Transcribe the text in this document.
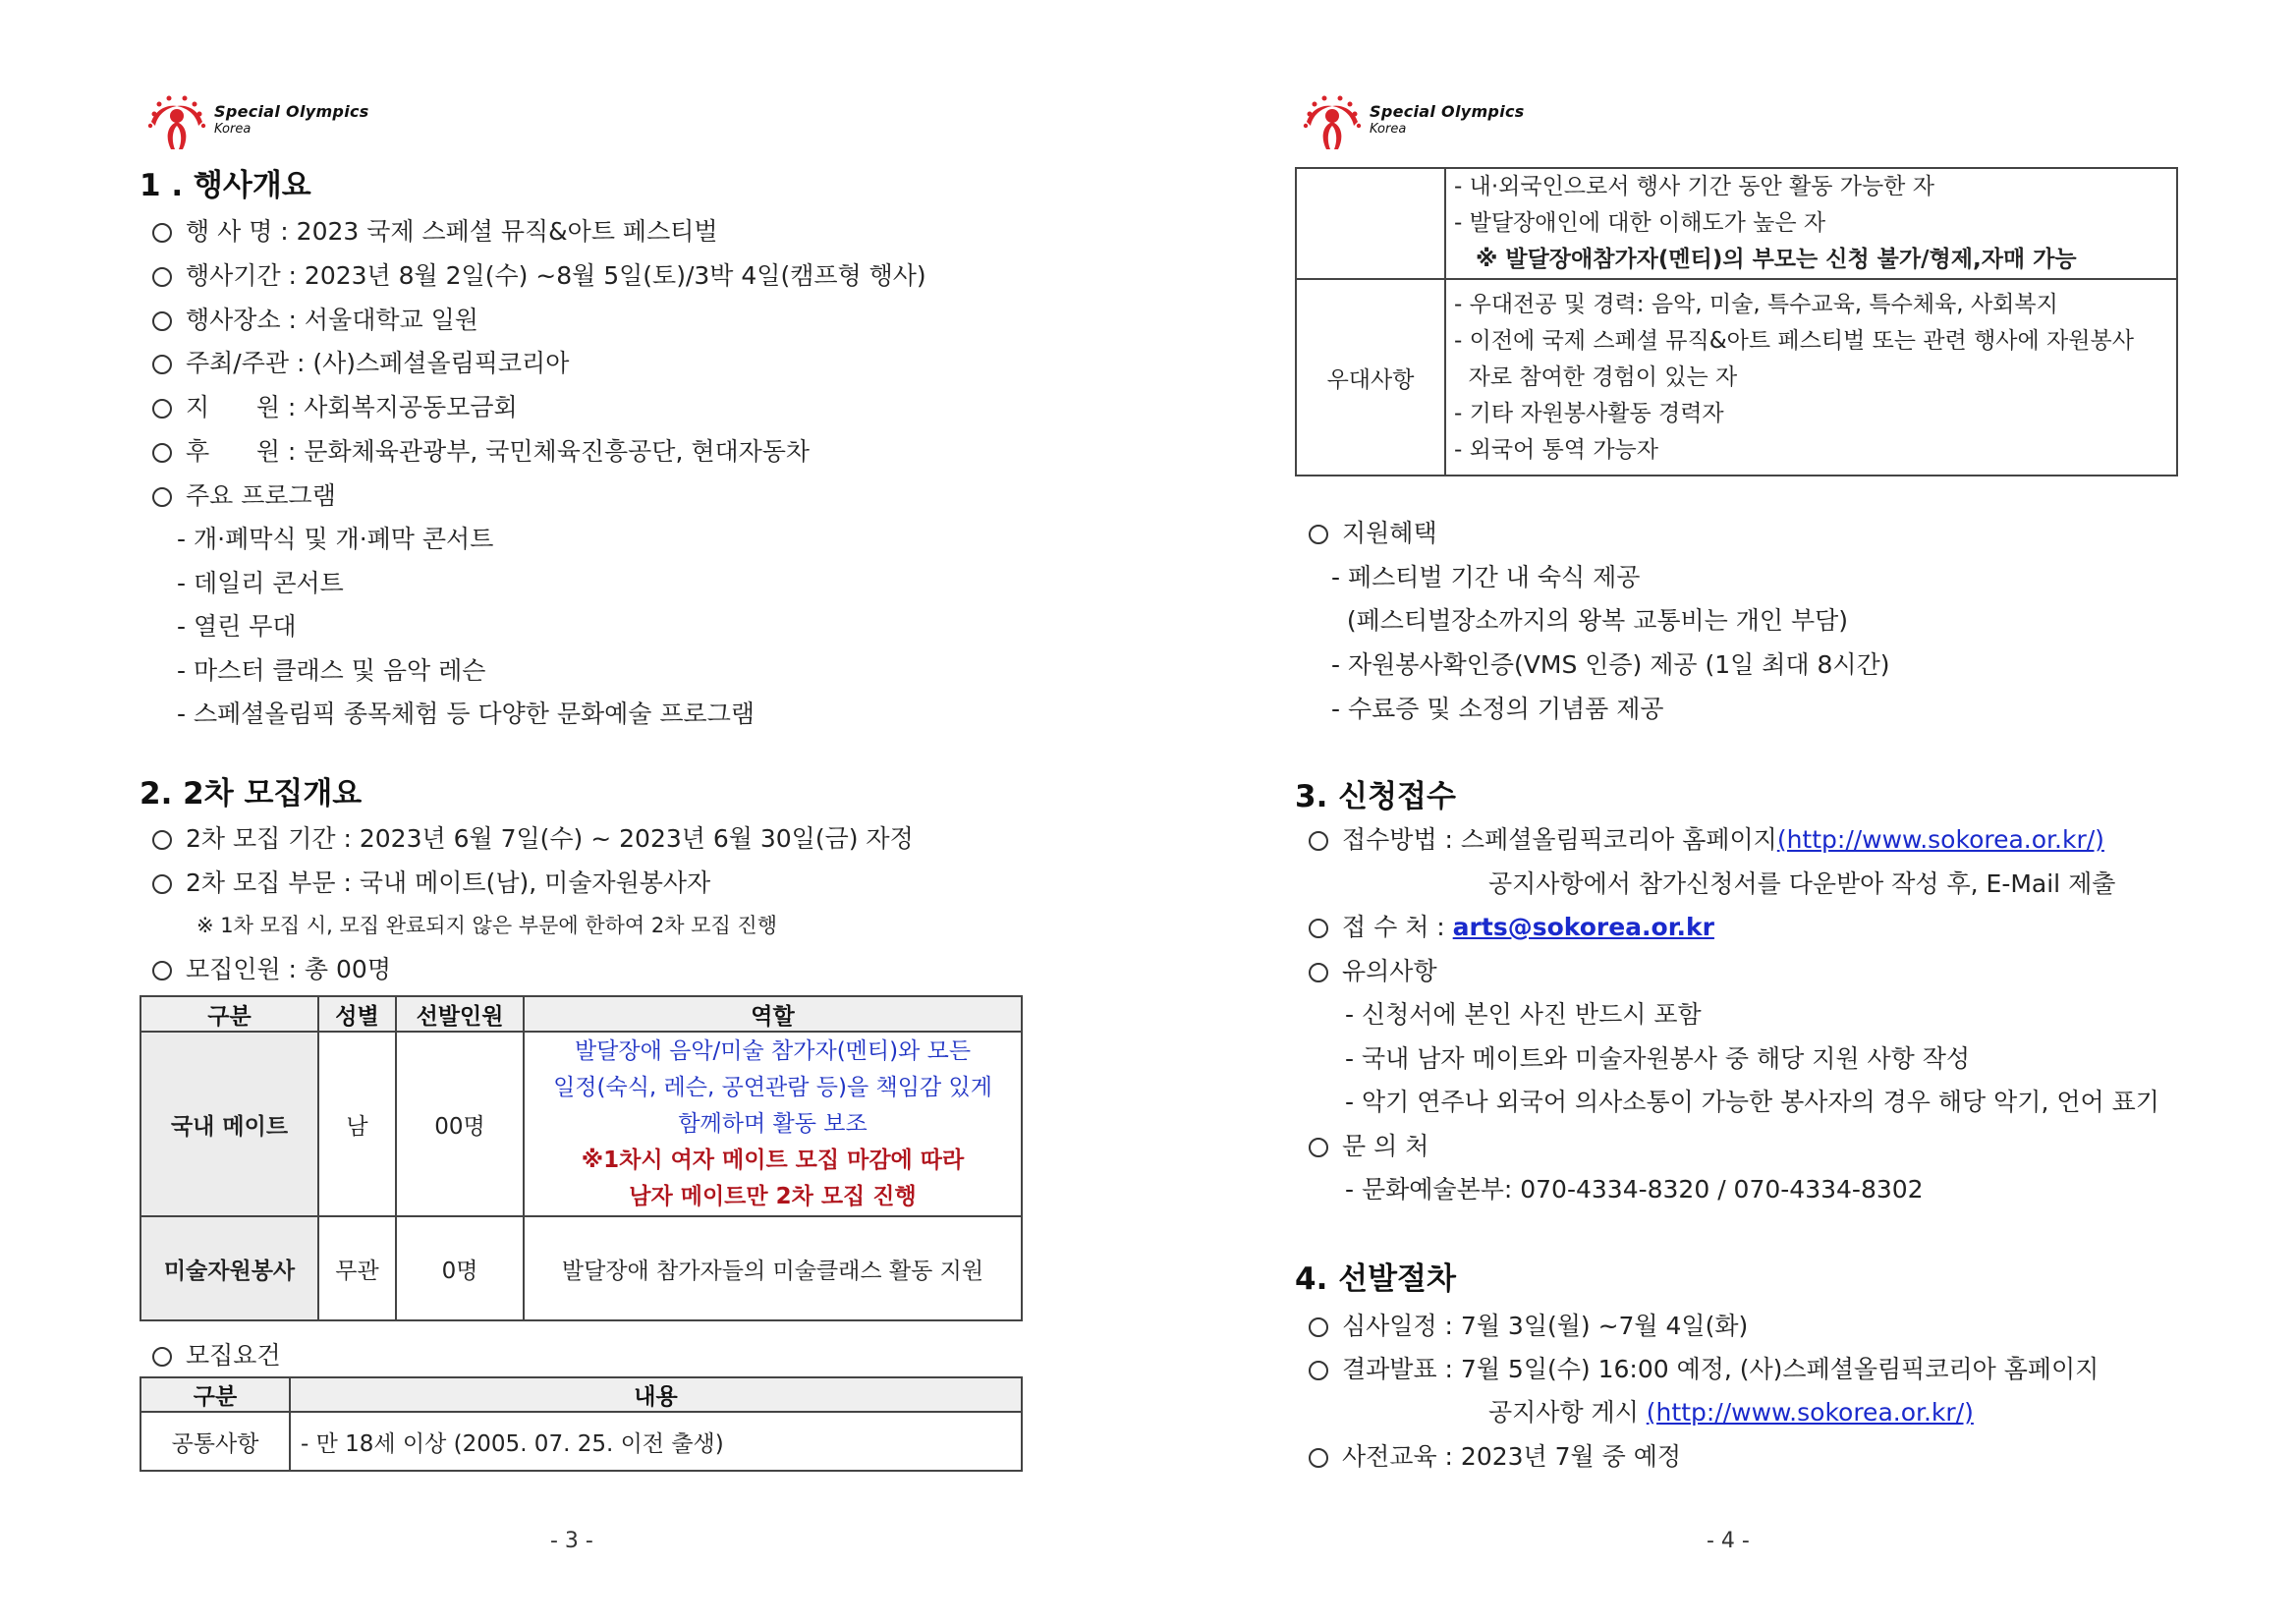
Special Olympics
Korea
1 . 행사개요
행 사 명 : 2023 국제 스페셜 뮤직&아트 페스티벌
행사기간 : 2023년 8월 2일(수) ~8월 5일(토)/3박 4일(캠프형 행사)
행사장소 : 서울대학교 일원
주최/주관 : (사)스페셜올림픽코리아
지      원 : 사회복지공동모금회
후      원 : 문화체육관광부, 국민체육진흥공단, 현대자동차
주요 프로그램
- 개·폐막식 및 개·폐막 콘서트
- 데일리 콘서트
- 열린 무대
- 마스터 클래스 및 음악 레슨
- 스페셜올림픽 종목체험 등 다양한 문화예술 프로그램
2. 2차 모집개요
2차 모집 기간 : 2023년 6월 7일(수) ~ 2023년 6월 30일(금) 자정
2차 모집 부문 : 국내 메이트(남), 미술자원봉사자
※ 1차 모집 시, 모집 완료되지 않은 부문에 한하여 2차 모집 진행
모집인원 : 총 00명
구분	성별	선발인원	역할
국내 메이트	남	00명	발달장애 음악/미술 참가자(멘티)와 모든
일정(숙식, 레슨, 공연관람 등)을 책임감 있게
함께하며 활동 보조
※1차시 여자 메이트 모집 마감에 따라
남자 메이트만 2차 모집 진행

미술자원봉사	무관	0명	발달장애 참가자들의 미술클래스 활동 지원
모집요건
구분	내용
공통사항	- 만 18세 이상 (2005. 07. 25. 이전 출생)
- 3 -
Special Olympics
Korea

	- 내·외국인으로서 행사 기간 동안 활동 가능한 자
- 발달장애인에 대한 이해도가 높은 자
※ 발달장애참가자(멘티)의 부모는 신청 불가/형제,자매 가능

우대사항	- 우대전공 및 경력: 음악, 미술, 특수교육, 특수체육, 사회복지
- 이전에 국제 스페셜 뮤직&아트 페스티벌 또는 관련 행사에 자원봉사
자로 참여한 경험이 있는 자
- 기타 자원봉사활동 경력자
- 외국어 통역 가능자
지원혜택
- 페스티벌 기간 내 숙식 제공
(페스티벌장소까지의 왕복 교통비는 개인 부담)
- 자원봉사확인증(VMS 인증) 제공 (1일 최대 8시간)
- 수료증 및 소정의 기념품 제공
3. 신청접수
접수방법 : 스페셜올림픽코리아 홈페이지(http://www.sokorea.or.kr/)
공지사항에서 참가신청서를 다운받아 작성 후, E-Mail 제출
접 수 처 : arts@sokorea.or.kr
유의사항
- 신청서에 본인 사진 반드시 포함
- 국내 남자 메이트와 미술자원봉사 중 해당 지원 사항 작성
- 악기 연주나 외국어 의사소통이 가능한 봉사자의 경우 해당 악기, 언어 표기
문 의 처
- 문화예술본부: 070-4334-8320 / 070-4334-8302
4. 선발절차
심사일정 : 7월 3일(월) ~7월 4일(화)
결과발표 : 7월 5일(수) 16:00 예정, (사)스페셜올림픽코리아 홈페이지
공지사항 게시 (http://www.sokorea.or.kr/)
사전교육 : 2023년 7월 중 예정
- 4 -
